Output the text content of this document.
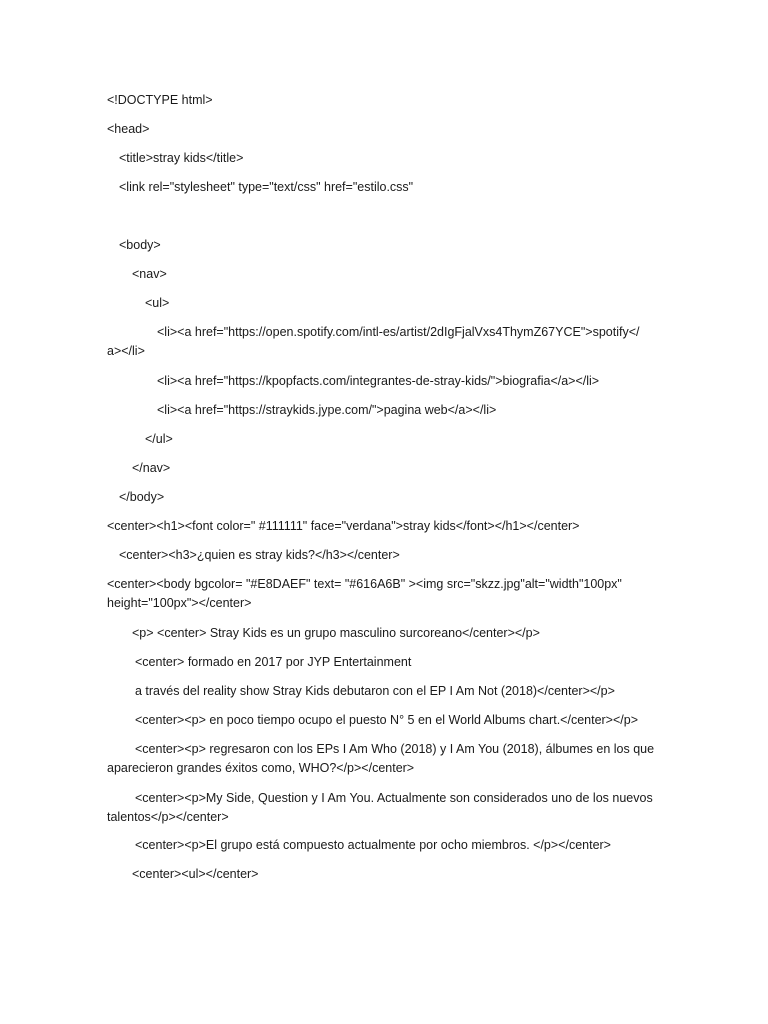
<!DOCTYPE html>
<head>
<title>stray kids</title>
<link rel="stylesheet" type="text/css" href="estilo.css"
<body>
<nav>
<ul>
<li><a href="https://open.spotify.com/intl-es/artist/2dIgFjalVxs4ThymZ67YCE">spotify</
a></li>
<li><a href="https://kpopfacts.com/integrantes-de-stray-kids/">biografia</a></li>
<li><a href="https://straykids.jype.com/">pagina web</a></li>
</ul>
</nav>
</body>
<center><h1><font color=" #111111" face="verdana">stray kids</font></h1></center>
<center><h3>¿quien es stray kids?</h3></center>
<center><body bgcolor= "#E8DAEF" text= "#616A6B" ><img src="skzz.jpg"alt="width"100px" height="100px"></center>
<p> <center> Stray Kids es un grupo masculino surcoreano</center></p>
<center> formado en 2017 por JYP Entertainment
a través del reality show Stray Kids debutaron con el EP I Am Not (2018)</center></p>
<center><p> en poco tiempo ocupo el puesto N° 5 en el World Albums chart.</center></p>
<center><p> regresaron con los EPs I Am Who (2018) y I Am You (2018), álbumes en los que aparecieron grandes éxitos como, WHO?</p></center>
<center><p>My Side, Question y I Am You. Actualmente son considerados uno de los nuevos talentos</p></center>
<center><p>El grupo está compuesto actualmente por ocho miembros. </p></center>
<center><ul></center>
